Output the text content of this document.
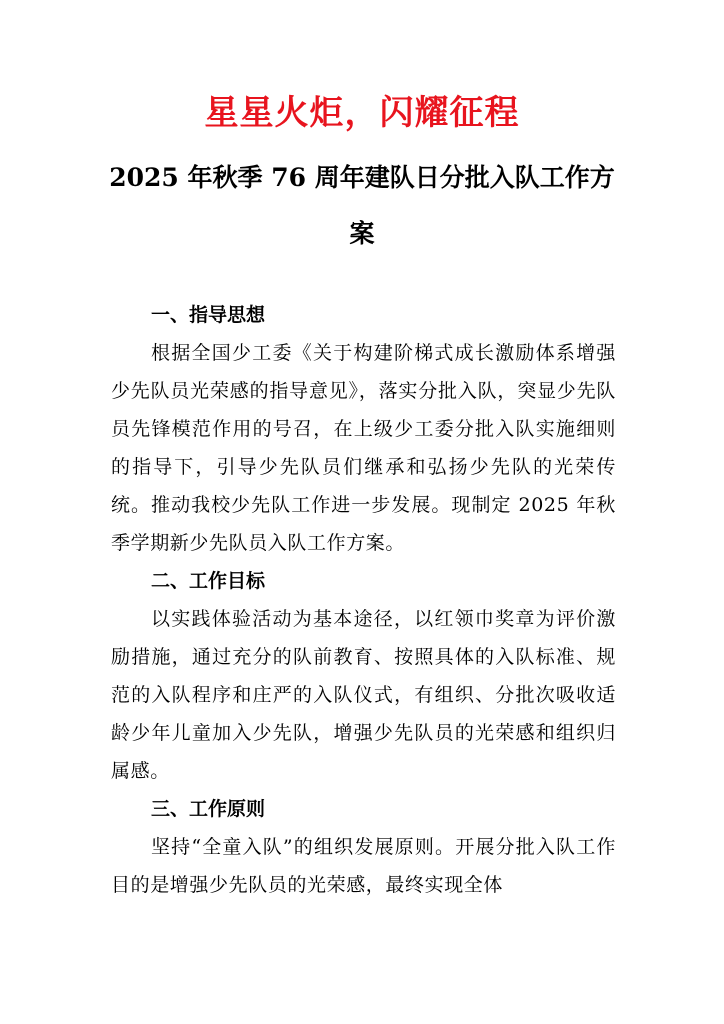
星星火炬，闪耀征程
2025 年秋季 76 周年建队日分批入队工作方案

一、指导思想

根据全国少工委《关于构建阶梯式成长激励体系增强少先队员光荣感的指导意见》，落实分批入队，突显少先队员先锋模范作用的号召，在上级少工委分批入队实施细则的指导下，引导少先队员们继承和弘扬少先队的光荣传统。推动我校少先队工作进一步发展。现制定 2025 年秋季学期新少先队员入队工作方案。

二、工作目标

以实践体验活动为基本途径，以红领巾奖章为评价激励措施，通过充分的队前教育、按照具体的入队标准、规范的入队程序和庄严的入队仪式，有组织、分批次吸收适龄少年儿童加入少先队，增强少先队员的光荣感和组织归属感。

三、工作原则

坚持“全童入队”的组织发展原则。开展分批入队工作目的是增强少先队员的光荣感，最终实现全体
